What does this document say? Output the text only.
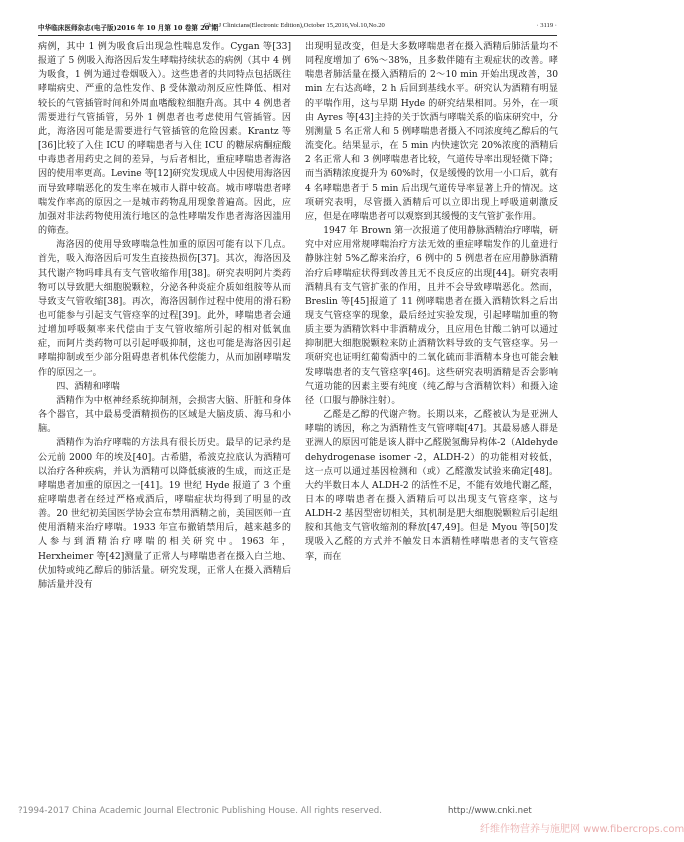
中华临床医师杂志(电子版)2016 年 10 月第 10 卷第 20 期
Chin J Clinicians(Electronic Edition),October 15,2016,Vol.10,No.20	· 3119 ·

病例，其中 1 例为吸食后出现急性喘息发作。Cygan 等[33]报道了 5 例吸入海洛因后发生哮喘持续状态的病例（其中 4 例为吸食，1 例为通过卷烟吸入）。这些患者的共同特点包括既往哮喘病史、严重的急性发作、β 受体激动剂反应性降低、相对较长的气管插管时间和外周血嗜酸粒细胞升高。其中 4 例患者需要进行气管插管，另外 1 例患者也考虑使用气管插管。因此，海洛因可能是需要进行气管插管的危险因素。Krantz 等[36]比较了入住 ICU 的哮喘患者与入住 ICU 的糖尿病酮症酸中毒患者用药史之间的差异，与后者相比，重症哮喘患者海洛因的使用率更高。Levine 等[12]研究发现成人中因使用海洛因而导致哮喘恶化的发生率在城市人群中较高。城市哮喘患者哮喘发作率高的原因之一是城市药物乱用现象普遍高。因此，应加强对非法药物使用流行地区的急性哮喘发作患者海洛因滥用的筛查。

海洛因的使用导致哮喘急性加重的原因可能有以下几点。首先，吸入海洛因后可发生直接热损伤[37]。其次，海洛因及其代谢产物吗啡具有支气管收缩作用[38]。研究表明阿片类药物可以导致肥大细胞脱颗粒，分泌各种炎症介质如组胺等从而导致支气管收缩[38]。再次，海洛因制作过程中使用的滑石粉也可能参与引起支气管痉挛的过程[39]。此外，哮喘患者会通过增加呼吸频率来代偿由于支气管收缩所引起的相对低氧血症，而阿片类药物可以引起呼吸抑制，这也可能是海洛因引起哮喘抑制或至少部分阻碍患者机体代偿能力，从而加剧哮喘发作的原因之一。

四、酒精和哮喘

酒精作为中枢神经系统抑制剂，会损害大脑、肝脏和身体各个器官，其中最易受酒精损伤的区域是大脑皮质、海马和小脑。

酒精作为治疗哮喘的方法具有很长历史。最早的记录约是公元前 2000 年的埃及[40]。古希腊，希波克拉底认为酒精可以治疗各种疾病，并认为酒精可以降低痰液的生成，而这正是哮喘患者加重的原因之一[41]。19 世纪 Hyde 报道了 3 个重症哮喘患者在经过严格戒酒后，哮喘症状均得到了明显的改善。20 世纪初美国医学协会宣布禁用酒精之前，美国医师一直使用酒精来治疗哮喘。1933 年宣布撤销禁用后，越来越多的人参与到酒精治疗哮喘的相关研究中。1963 年，Herxheimer 等[42]测量了正常人与哮喘患者在摄入白兰地、伏加特或纯乙醇后的肺活量。研究发现，正常人在摄入酒精后肺活量并没有

出现明显改变，但是大多数哮喘患者在摄入酒精后肺活量均不同程度增加了 6%～38%，且多数伴随有主观症状的改善。哮喘患者肺活量在摄入酒精后的 2～10 min 开始出现改善，30 min 左右达高峰，2 h 后回到基线水平。研究认为酒精有明显的平喘作用，这与早期 Hyde 的研究结果相同。另外，在一项由 Ayres 等[43]主持的关于饮酒与哮喘关系的临床研究中，分别测量 5 名正常人和 5 例哮喘患者摄入不同浓度纯乙醇后的气流变化。结果显示，在 5 min 内快速饮完 20%浓度的酒精后 2 名正常人和 3 例哮喘患者比较，气道传导率出现轻微下降；而当酒精浓度提升为 60%时，仅是缓慢的饮用一小口后，就有 4 名哮喘患者于 5 min 后出现气道传导率显著上升的情况。这项研究表明，尽管摄入酒精后可以立即出现上呼吸道刺激反应，但是在哮喘患者可以观察到其缓慢的支气管扩张作用。

1947 年 Brown 第一次报道了使用静脉酒精治疗哮喘，研究中对应用常规哮喘治疗方法无效的重症哮喘发作的儿童进行静脉注射 5%乙醇来治疗，6 例中的 5 例患者在应用静脉酒精治疗后哮喘症状得到改善且无不良反应的出现[44]。研究表明酒精具有支气管扩张的作用，且并不会导致哮喘恶化。然而，Breslin 等[45]报道了 11 例哮喘患者在摄入酒精饮料之后出现支气管痉挛的现象，最后经过实验发现，引起哮喘加重的物质主要为酒精饮料中非酒精成分，且应用色甘酸二钠可以通过抑制肥大细胞脱颗粒来防止酒精饮料导致的支气管痉挛。另一项研究也证明红葡萄酒中的二氧化硫而非酒精本身也可能会触发哮喘患者的支气管痉挛[46]。这些研究表明酒精是否会影响气道功能的因素主要有纯度（纯乙醇与含酒精饮料）和摄入途径（口服与静脉注射）。

乙醛是乙醇的代谢产物。长期以来，乙醛被认为是亚洲人哮喘的诱因，称之为酒精性支气管哮喘[47]。其最易感人群是亚洲人的原因可能是该人群中乙醛脱氢酶异构体-2（Aldehyde dehydrogenase isomer -2，ALDH-2）的功能相对较低，这一点可以通过基因检测和（或）乙醛激发试验来确定[48]。大约半数日本人 ALDH-2 的活性不足，不能有效地代谢乙醛，日本的哮喘患者在摄入酒精后可以出现支气管痉挛，这与 ALDH-2 基因型密切相关，其机制是肥大细胞脱颗粒后引起组胺和其他支气管收缩剂的释放[47,49]。但是 Myou 等[50]发现吸入乙醛的方式并不触发日本酒精性哮喘患者的支气管痉挛，而在

?1994-2017 China Academic Journal Electronic Publishing House. All rights reserved.	http://www.cnki.net
纤维作物营养与施肥网 www.fibercrops.com
